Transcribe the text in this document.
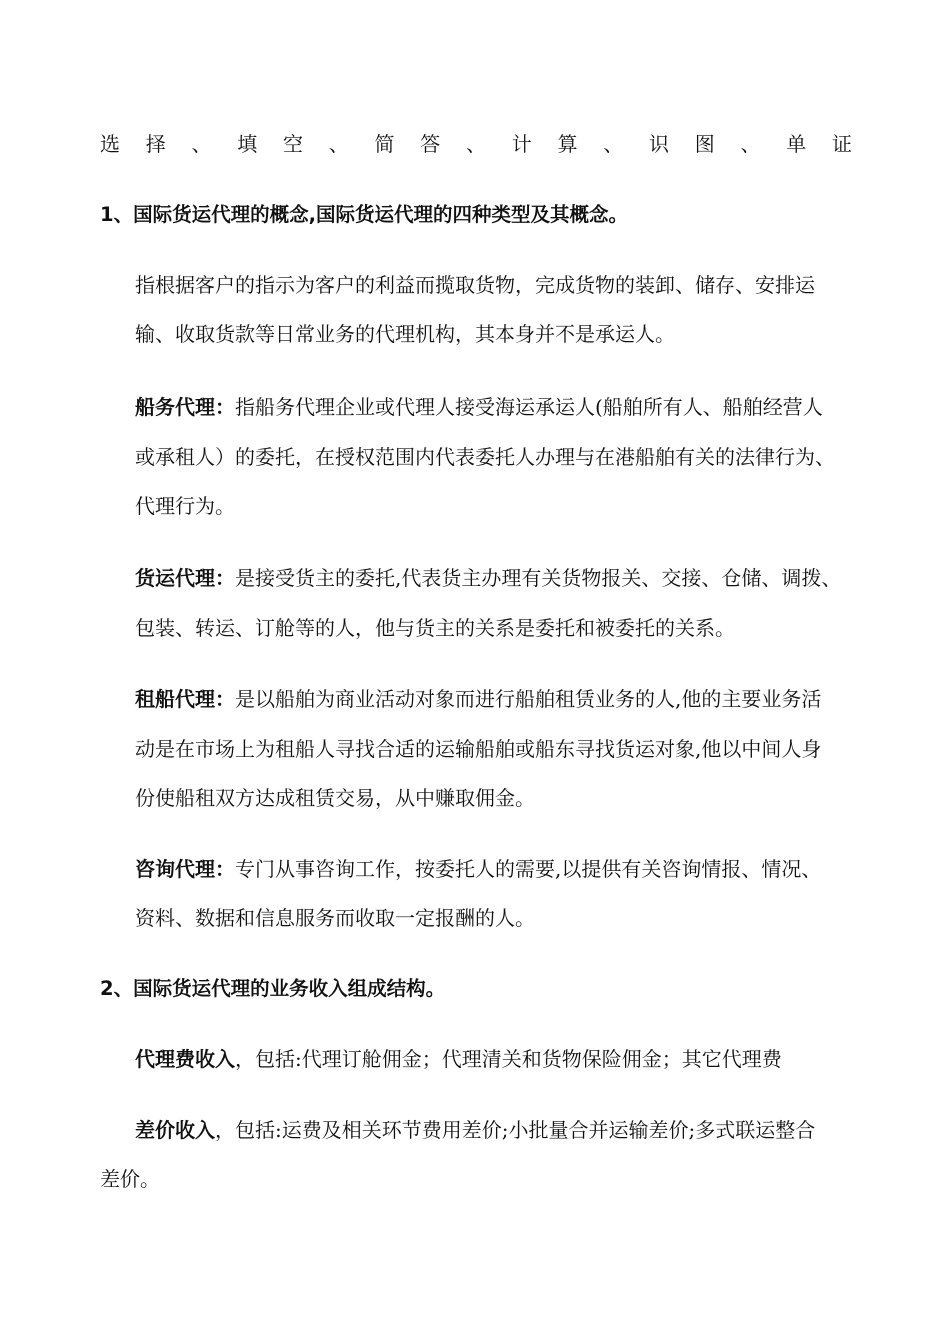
选 择 、 填 空 、 简 答 、 计 算 、 识 图 、 单 证
1、国际货运代理的概念,国际货运代理的四种类型及其概念。
指根据客户的指示为客户的利益而揽取货物，完成货物的装卸、储存、安排运
输、收取货款等日常业务的代理机构，其本身并不是承运人。
船务代理：指船务代理企业或代理人接受海运承运人(船舶所有人、船舶经营人
或承租人）的委托，在授权范围内代表委托人办理与在港船舶有关的法律行为、
代理行为。
货运代理：是接受货主的委托,代表货主办理有关货物报关、交接、仓储、调拨、
包装、转运、订舱等的人，他与货主的关系是委托和被委托的关系。
租船代理：是以船舶为商业活动对象而进行船舶租赁业务的人,他的主要业务活
动是在市场上为租船人寻找合适的运输船舶或船东寻找货运对象,他以中间人身
份使船租双方达成租赁交易，从中赚取佣金。
咨询代理：专门从事咨询工作，按委托人的需要,以提供有关咨询情报、情况、
资料、数据和信息服务而收取一定报酬的人。
2、国际货运代理的业务收入组成结构。
代理费收入，包括:代理订舱佣金；代理清关和货物保险佣金；其它代理费
差价收入，包括:运费及相关环节费用差价;小批量合并运输差价;多式联运整合
差价。
